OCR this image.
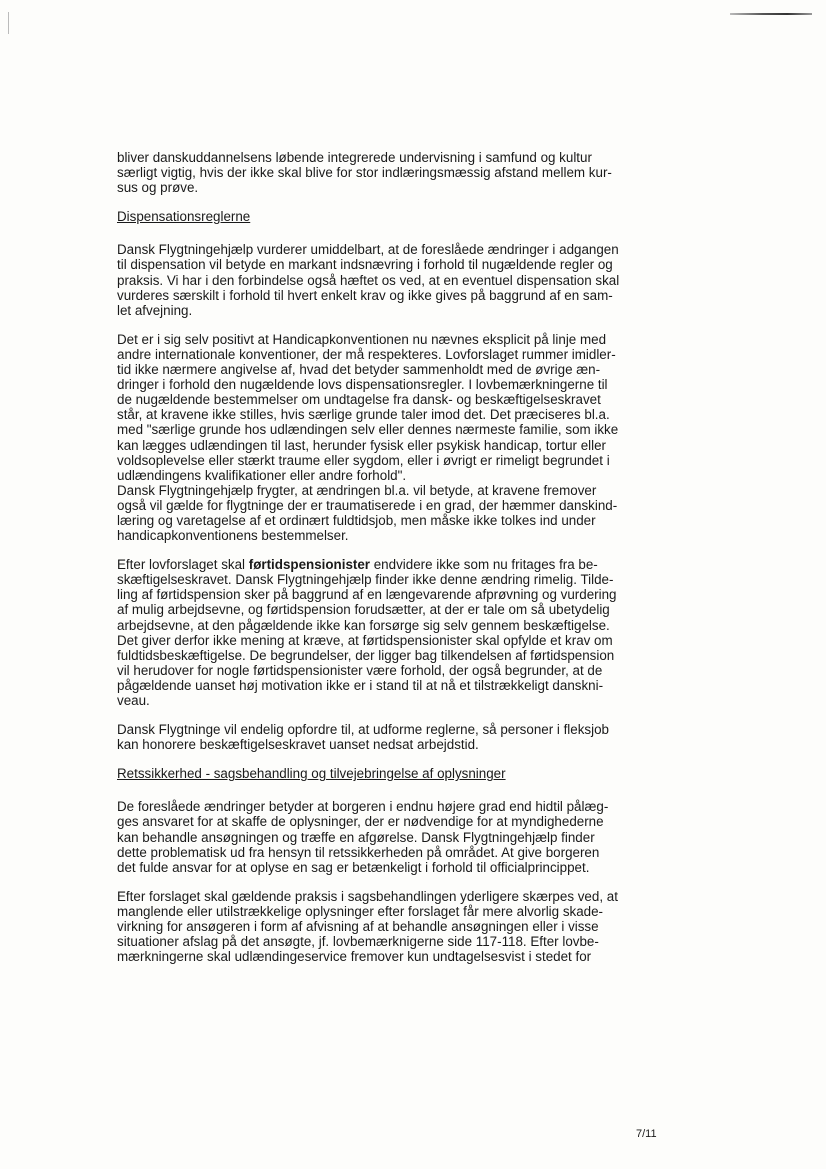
bliver danskuddannelsens løbende integrerede undervisning i samfund og kultur
særligt vigtig, hvis der ikke skal blive for stor indlæringsmæssig afstand mellem kur-
sus og prøve.
Dispensationsreglerne
Dansk Flygtningehjælp vurderer umiddelbart, at de foreslåede ændringer i adgangen
til dispensation vil betyde en markant indsnævring i forhold til nugældende regler og
praksis. Vi har i den forbindelse også hæftet os ved, at en eventuel dispensation skal
vurderes særskilt i forhold til hvert enkelt krav og ikke gives på baggrund af en sam-
let afvejning.
Det er i sig selv positivt at Handicapkonventionen nu nævnes eksplicit på linje med
andre internationale konventioner, der må respekteres. Lovforslaget rummer imidler-
tid ikke nærmere angivelse af, hvad det betyder sammenholdt med de øvrige æn-
dringer i forhold den nugældende lovs dispensationsregler. I lovbemærkningerne til
de nugældende bestemmelser om undtagelse fra dansk- og beskæftigelseskravet
står, at kravene ikke stilles, hvis særlige grunde taler imod det. Det præciseres bl.a.
med "særlige grunde hos udlændingen selv eller dennes nærmeste familie, som ikke
kan lægges udlændingen til last, herunder fysisk eller psykisk handicap, tortur eller
voldsoplevelse eller stærkt traume eller sygdom, eller i øvrigt er rimeligt begrundet i
udlændingens kvalifikationer eller andre forhold".
Dansk Flygtningehjælp frygter, at ændringen bl.a. vil betyde, at kravene fremover
også vil gælde for flygtninge der er traumatiserede i en grad, der hæmmer danskind-
læring og varetagelse af et ordinært fuldtidsjob, men måske ikke tolkes ind under
handicapkonventionens bestemmelser.
Efter lovforslaget skal førtidspensionister endvidere ikke som nu fritages fra be-
skæftigelseskravet. Dansk Flygtningehjælp finder ikke denne ændring rimelig. Tilde-
ling af førtidspension sker på baggrund af en længevarende afprøvning og vurdering
af mulig arbejdsevne, og førtidspension forudsætter, at der er tale om så ubetydelig
arbejdsevne, at den pågældende ikke kan forsørge sig selv gennem beskæftigelse.
Det giver derfor ikke mening at kræve, at førtidspensionister skal opfylde et krav om
fuldtidsbeskæftigelse. De begrundelser, der ligger bag tilkendelsen af førtidspension
vil herudover for nogle førtidspensionister være forhold, der også begrunder, at de
pågældende uanset høj motivation ikke er i stand til at nå et tilstrækkeligt danskni-
veau.
Dansk Flygtninge vil endelig opfordre til, at udforme reglerne, så personer i fleksjob
kan honorere beskæftigelseskravet uanset nedsat arbejdstid.
Retssikkerhed - sagsbehandling og tilvejebringelse af oplysninger
De foreslåede ændringer betyder at borgeren i endnu højere grad end hidtil pålæg-
ges ansvaret for at skaffe de oplysninger, der er nødvendige for at myndighederne
kan behandle ansøgningen og træffe en afgørelse. Dansk Flygtningehjælp finder
dette problematisk ud fra hensyn til retssikkerheden på området. At give borgeren
det fulde ansvar for at oplyse en sag er betænkeligt i forhold til officialprincippet.
Efter forslaget skal gældende praksis i sagsbehandlingen yderligere skærpes ved, at
manglende eller utilstrækkelige oplysninger efter forslaget får mere alvorlig skade-
virkning for ansøgeren i form af afvisning af at behandle ansøgningen eller i visse
situationer afslag på det ansøgte, jf. lovbemærknigerne side 117-118. Efter lovbe-
mærkningerne skal udlændingeservice fremover kun undtagelsesvist i stedet for
7/11
